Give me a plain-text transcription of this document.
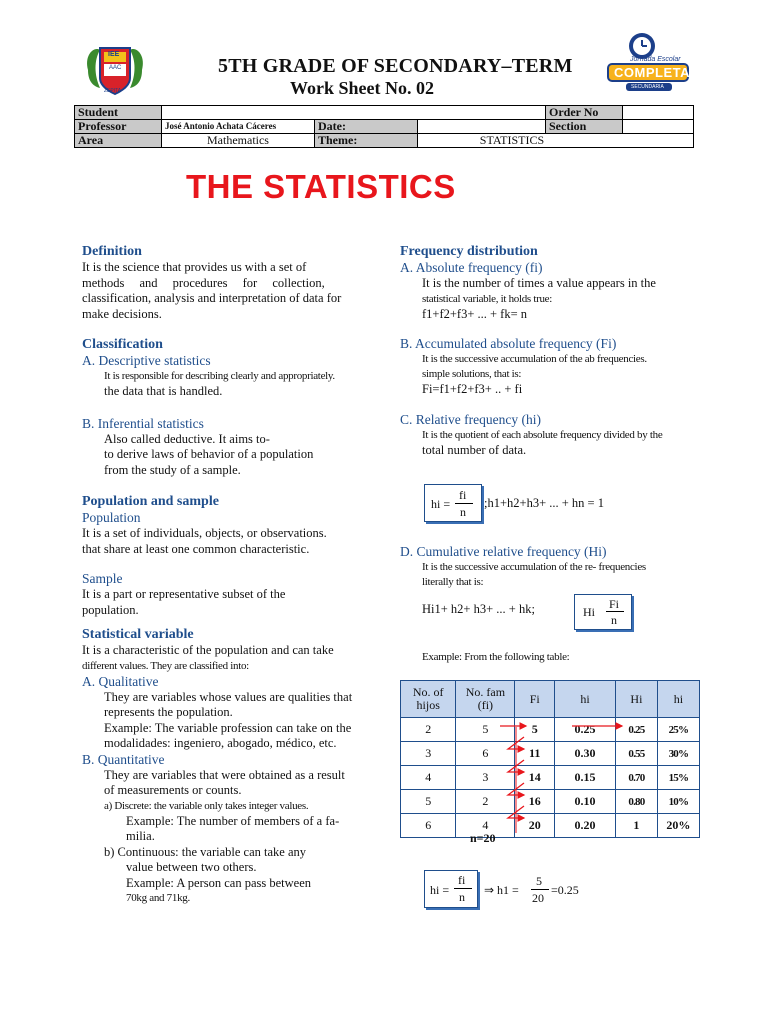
IEE
AAC
ZEPITA
5TH GRADE OF SECONDARY–TERM
Work Sheet No. 02
Jornada Escolar
COMPLETA
SECUNDARIA
Student				Order No	
Professor	José Antonio Achata Cáceres	Date:		Section	
Area	Mathematics	Theme:	STATISTICS		
THE STATISTICS
Definition
It is the science that provides us with a set of
methods and procedures for collection,
classification, analysis and interpretation of data for
make decisions.
Classification
A. Descriptive statistics
It is responsible for describing clearly and appropriately.
the data that is handled.
B. Inferential statistics
Also called deductive. It aims to-
to derive laws of behavior of a population
from the study of a sample.
Population and sample
Population
It is a set of individuals, objects, or observations.
that share at least one common characteristic.
Sample
It is a part or representative subset of the
population.
Statistical variable
It is a characteristic of the population and can take
different values. They are classified into:
A. Qualitative
They are variables whose values are qualities that
represents the population.
Example: The variable profession can take on the
modalidades: ingeniero, abogado, médico, etc.
B. Quantitative
They are variables that were obtained as a result
of measurements or counts.
a) Discrete: the variable only takes integer values.
Example: The number of members of a fa-
milia.
b) Continuous: the variable can take any
value between two others.
Example: A person can pass between
70kg and 71kg.
Frequency distribution
A. Absolute frequency (fi)
It is the number of times a value appears in the
statistical variable, it holds true:
f1+f2+f3+ ... + fk= n
B. Accumulated absolute frequency (Fi)
It is the successive accumulation of the ab frequencies.
simple solutions, that is:
Fi=f1+f2+f3+ .. + fi
C. Relative frequency (hi)
It is the quotient of each absolute frequency divided by the
total number of data.
hi =
fi
n
;h1+h2+h3+ ... + hn = 1
D. Cumulative relative frequency (Hi)
It is the successive accumulation of the re- frequencies
literally that is:
Hi1+ h2+ h3+ ... + hk;	Hi
Fi
n
Example: From the following table:
No. of hijos	No. fam (fi)	Fi	hi	Hi	hi
2	5	5	0.25	0.25	25%
3	6	11	0.30	0.55	30%
4	3	14	0.15	0.70	15%
5	2	16	0.10	0.80	10%
6	4	20	0.20	1	20%
n=20
hi =
fi
n ⇒ h1 =
5
20
=0.25
